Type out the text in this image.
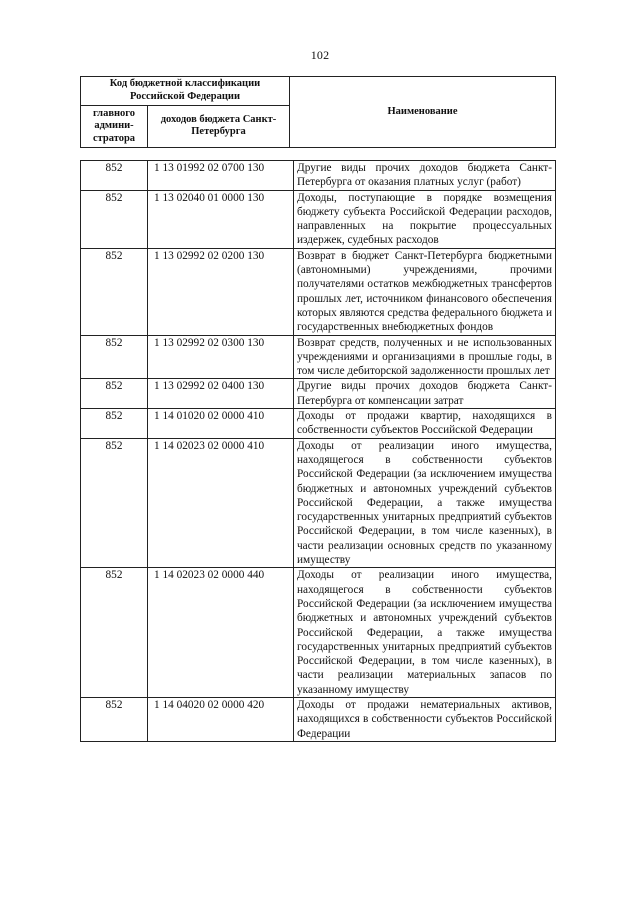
102
Код бюджетной классификации Российской Федерации		Наименование
главного админи-стратора	доходов бюджета Санкт-Петербурга	
852	1 13 01992 02 0700 130	Другие виды прочих доходов бюджета Санкт-Петербурга от оказания платных услуг (работ)
852	1 13 02040 01 0000 130	Доходы, поступающие в порядке возмещения бюджету субъекта Российской Федерации расходов, направленных на покрытие процессуальных издержек, судебных расходов
852	1 13 02992 02 0200 130	Возврат в бюджет Санкт-Петербурга бюджетными (автономными) учреждениями, прочими получателями остатков межбюджетных трансфертов прошлых лет, источником финансового обеспечения которых являются средства федерального бюджета и государственных внебюджетных фондов
852	1 13 02992 02 0300 130	Возврат средств, полученных и не использованных учреждениями и организациями в прошлые годы, в том числе дебиторской задолженности прошлых лет
852	1 13 02992 02 0400 130	Другие виды прочих доходов бюджета Санкт-Петербурга от компенсации затрат
852	1 14 01020 02 0000 410	Доходы от продажи квартир, находящихся в собственности субъектов Российской Федерации
852	1 14 02023 02 0000 410	Доходы от реализации иного имущества, находящегося в собственности субъектов Российской Федерации (за исключением имущества бюджетных и автономных учреждений субъектов Российской Федерации, а также имущества государственных унитарных предприятий субъектов Российской Федерации, в том числе казенных), в части реализации основных средств по указанному имуществу
852	1 14 02023 02 0000 440	Доходы от реализации иного имущества, находящегося в собственности субъектов Российской Федерации (за исключением имущества бюджетных и автономных учреждений субъектов Российской Федерации, а также имущества государственных унитарных предприятий субъектов Российской Федерации, в том числе казенных), в части реализации материальных запасов по указанному имуществу
852	1 14 04020 02 0000 420	Доходы от продажи нематериальных активов, находящихся в собственности субъектов Российской Федерации
